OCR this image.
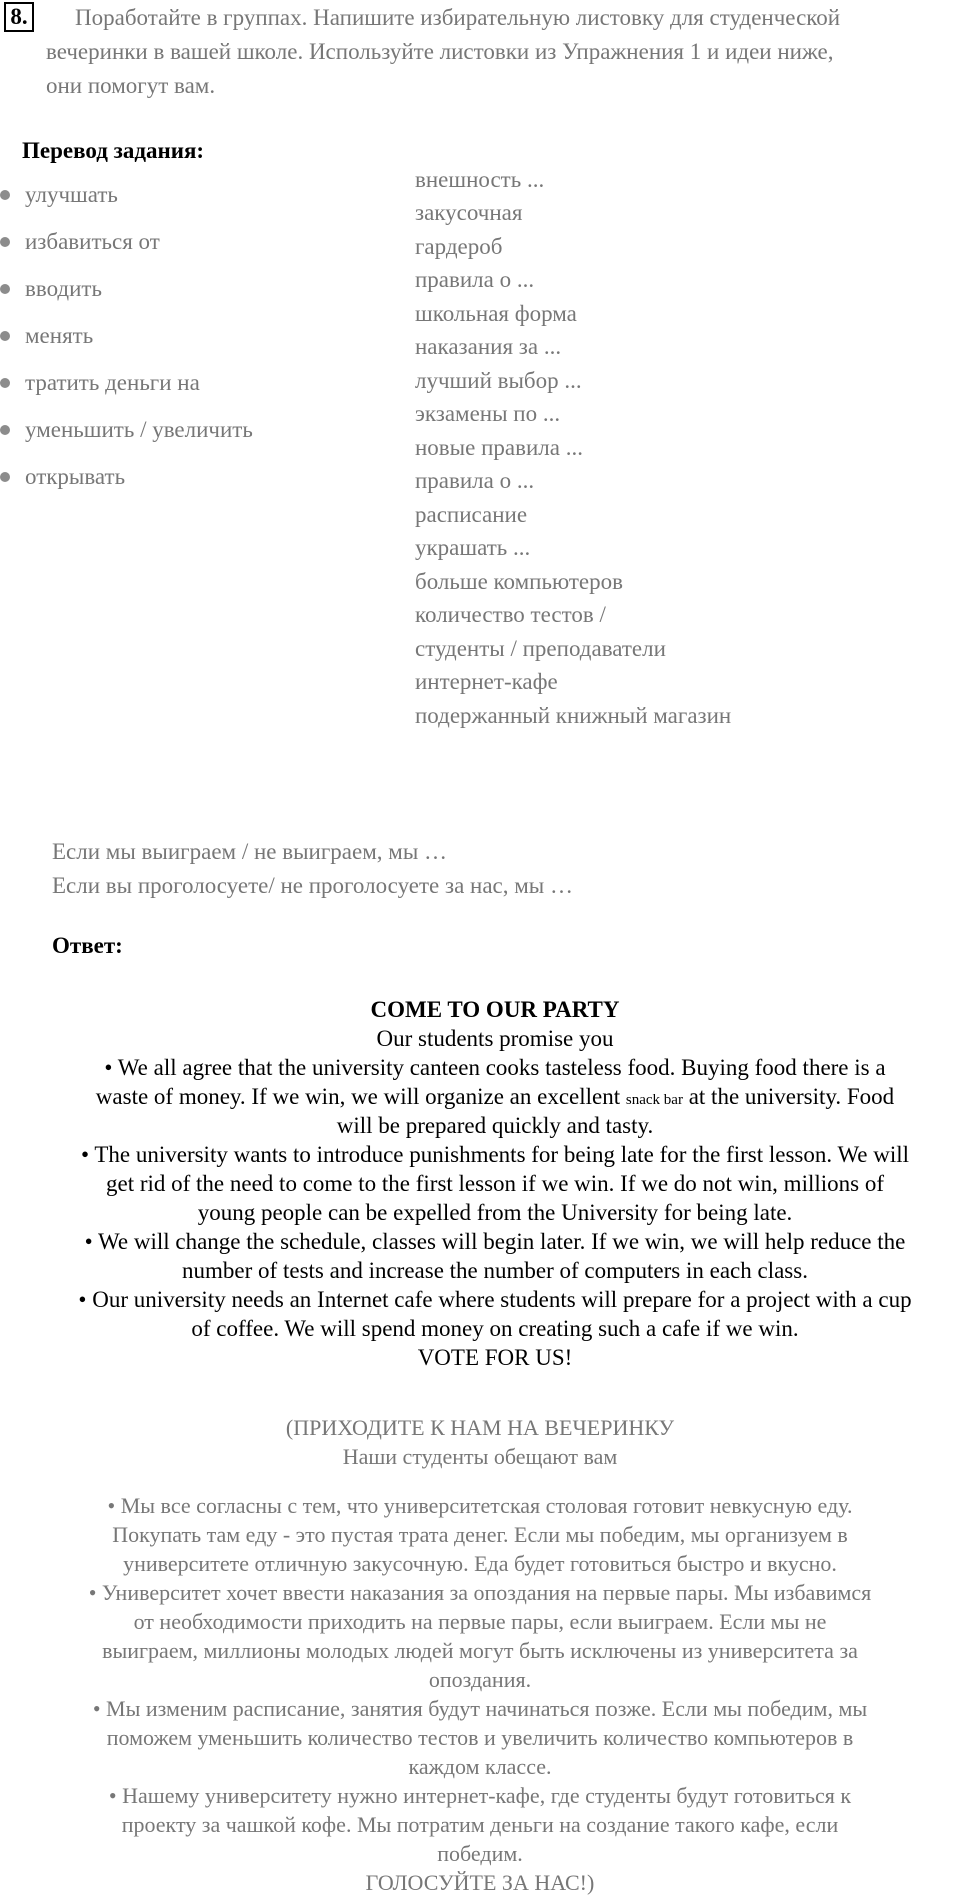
8.	Поработайте в группах. Напишите избирательную листовку для студенческой
вечеринки в вашей школе. Используйте листовки из Упражнения 1 и идеи ниже,
они помогут вам.
Перевод задания:
улучшать
избавиться от
вводить
менять
тратить деньги на
уменьшить / увеличить
открывать
внешность ...
закусочная
гардероб
правила о ...
школьная форма
наказания за ...
лучший выбор ...
экзамены по ...
новые правила ...
правила о ...
расписание
украшать ...
больше компьютеров
количество тестов /
студенты / преподаватели
интернет-кафе
подержанный книжный магазин
Если мы выиграем / не выиграем, мы …
Если вы проголосуете/ не проголосуете за нас, мы …
Ответ:
COME TO OUR PARTY
Our students promise you
• We all agree that the university canteen cooks tasteless food. Buying food there is a
waste of money. If we win, we will organize an excellent snack bar at the university. Food
will be prepared quickly and tasty.
• The university wants to introduce punishments for being late for the first lesson. We will
get rid of the need to come to the first lesson if we win. If we do not win, millions of
young people can be expelled from the University for being late.
• We will change the schedule, classes will begin later. If we win, we will help reduce the
number of tests and increase the number of computers in each class.
• Our university needs an Internet cafe where students will prepare for a project with a cup
of coffee. We will spend money on creating such a cafe if we win.
VOTE FOR US!
(ПРИХОДИТЕ К НАМ НА ВЕЧЕРИНКУ
Наши студенты обещают вам
• Мы все согласны с тем, что университетская столовая готовит невкусную еду.
Покупать там еду - это пустая трата денег. Если мы победим, мы организуем в
университете отличную закусочную. Еда будет готовиться быстро и вкусно.
• Университет хочет ввести наказания за опоздания на первые пары. Мы избавимся
от необходимости приходить на первые пары, если выиграем. Если мы не
выиграем, миллионы молодых людей могут быть исключены из университета за
опоздания.
• Мы изменим расписание, занятия будут начинаться позже. Если мы победим, мы
поможем уменьшить количество тестов и увеличить количество компьютеров в
каждом классе.
• Нашему университету нужно интернет-кафе, где студенты будут готовиться к
проекту за чашкой кофе. Мы потратим деньги на создание такого кафе, если
победим.
ГОЛОСУЙТЕ ЗА НАС!)
